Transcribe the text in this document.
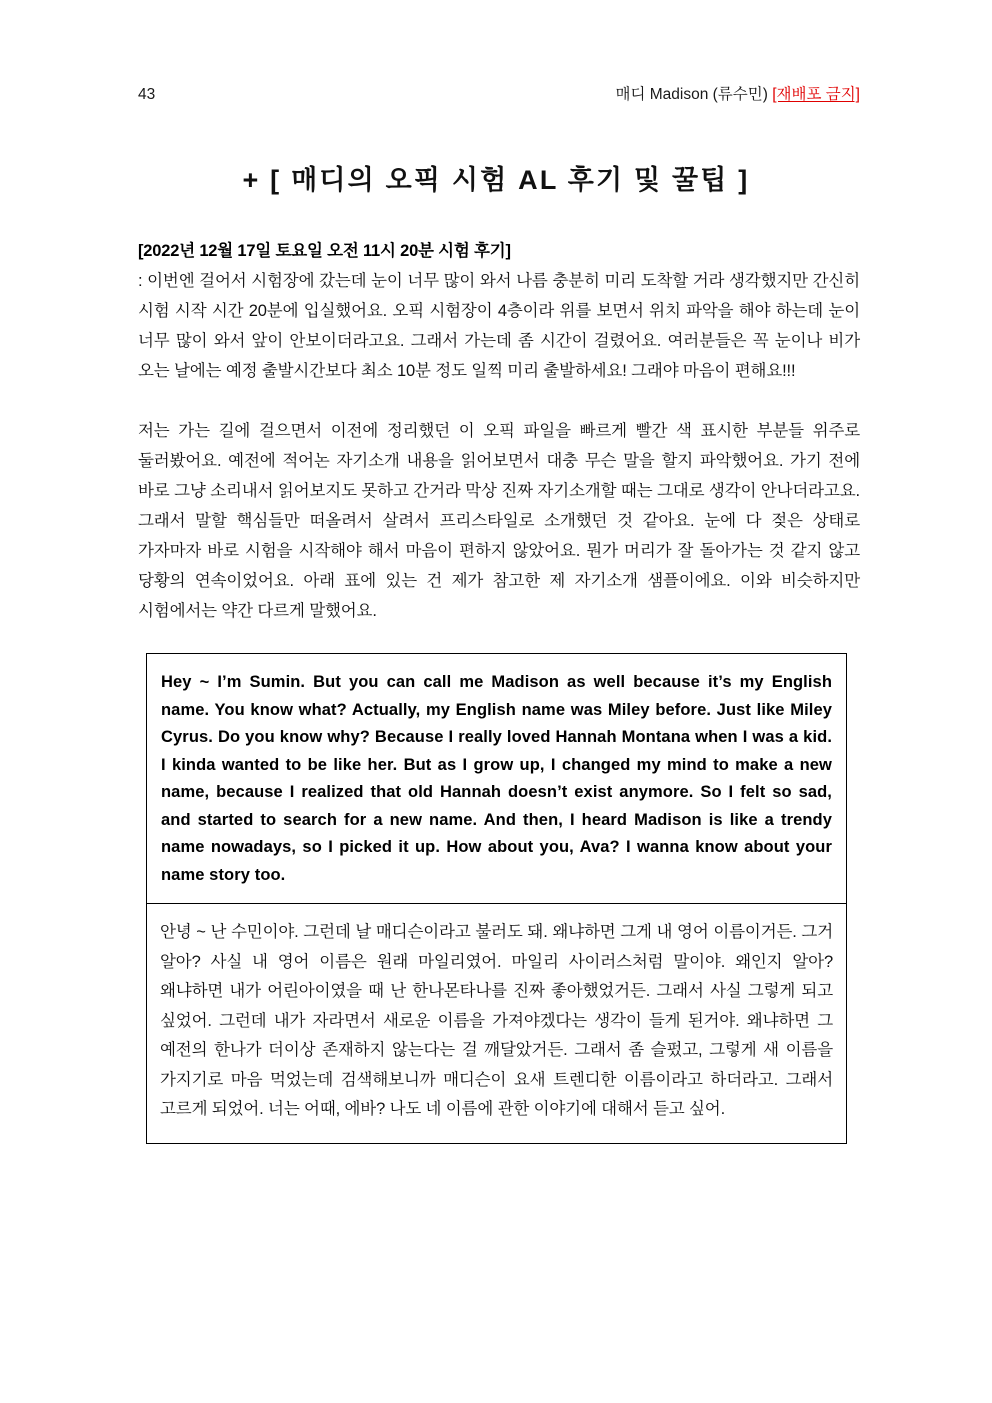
43	매디 Madison (류수민) [재배포 금지]
+ [ 매디의 오픽 시험 AL 후기 및 꿀팁 ]

[2022년 12월 17일 토요일 오전 11시 20분 시험 후기]

: 이번엔 걸어서 시험장에 갔는데 눈이 너무 많이 와서 나름 충분히 미리 도착할 거라 생각했지만 간신히 시험 시작 시간 20분에 입실했어요. 오픽 시험장이 4층이라 위를 보면서 위치 파악을 해야 하는데 눈이 너무 많이 와서 앞이 안보이더라고요. 그래서 가는데 좀 시간이 걸렸어요. 여러분들은 꼭 눈이나 비가 오는 날에는 예정 출발시간보다 최소 10분 정도 일찍 미리 출발하세요! 그래야 마음이 편해요!!!

저는 가는 길에 걸으면서 이전에 정리했던 이 오픽 파일을 빠르게 빨간 색 표시한 부분들 위주로 둘러봤어요. 예전에 적어논 자기소개 내용을 읽어보면서 대충 무슨 말을 할지 파악했어요. 가기 전에 바로 그냥 소리내서 읽어보지도 못하고 간거라 막상 진짜 자기소개할 때는 그대로 생각이 안나더라고요. 그래서 말할 핵심들만 떠올려서 살려서 프리스타일로 소개했던 것 같아요. 눈에 다 젖은 상태로 가자마자 바로 시험을 시작해야 해서 마음이 편하지 않았어요. 뭔가 머리가 잘 돌아가는 것 같지 않고 당황의 연속이었어요. 아래 표에 있는 건 제가 참고한 제 자기소개 샘플이에요. 이와 비슷하지만 시험에서는 약간 다르게 말했어요.

Hey ~ I’m Sumin. But you can call me Madison as well because it’s my English name. You know what? Actually, my English name was Miley before. Just like Miley Cyrus. Do you know why? Because I really loved Hannah Montana when I was a kid. I kinda wanted to be like her. But as I grow up, I changed my mind to make a new name, because I realized that old Hannah doesn’t exist anymore. So I felt so sad, and started to search for a new name. And then, I heard Madison is like a trendy name nowadays, so I picked it up. How about you, Ava? I wanna know about your name story too.
안녕 ~ 난 수민이야. 그런데 날 매디슨이라고 불러도 돼. 왜냐하면 그게 내 영어 이름이거든. 그거 알아? 사실 내 영어 이름은 원래 마일리였어. 마일리 사이러스처럼 말이야. 왜인지 알아? 왜냐하면 내가 어린아이였을 때 난 한나몬타나를 진짜 좋아했었거든. 그래서 사실 그렇게 되고 싶었어. 그런데 내가 자라면서 새로운 이름을 가져야겠다는 생각이 들게 된거야. 왜냐하면 그 예전의 한나가 더이상 존재하지 않는다는 걸 깨달았거든. 그래서 좀 슬펐고, 그렇게 새 이름을 가지기로 마음 먹었는데 검색해보니까 매디슨이 요새 트렌디한 이름이라고 하더라고. 그래서 고르게 되었어. 너는 어때, 에바? 나도 네 이름에 관한 이야기에 대해서 듣고 싶어.
